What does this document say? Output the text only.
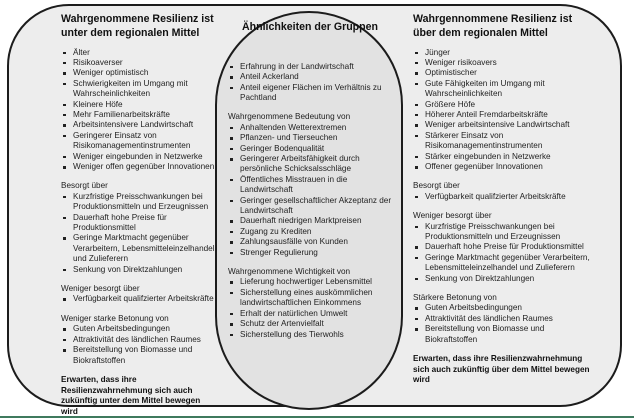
Wahrgenommene Resilienz ist unter dem regionalen Mittel
Älter
Risikoaverser
Weniger optimistisch
Schwierigkeiten im Umgang mit Wahrscheinlichkeiten
Kleinere Höfe
Mehr Familienarbeitskräfte
Arbeitsintensivere Landwirtschaft
Geringerer Einsatz von Risikomanagementinstrumenten
Weniger eingebunden in Netzwerke
Weniger offen gegenüber Innovationen
Besorgt über
Kurzfristige Preisschwankungen bei Produktionsmitteln und Erzeugnissen
Dauerhaft hohe Preise für Produktionsmittel
Geringe Marktmacht gegenüber Verarbeitern, Lebensmitteleinzelhandel und Zulieferern
Senkung von Direktzahlungen
Weniger besorgt über
Verfügbarkeit qualifzierter Arbeitskräfte
Weniger starke Betonung von
Guten Arbeitsbedingungen
Attraktivität des ländlichen Raumes
Bereitstellung von Biomasse und Biokraftstoffen

Erwarten, dass ihre Resilienzwahrnehmung sich auch zukünftig unter dem Mittel bewegen wird

Ähnlichkeiten der Gruppen
Erfahrung in der Landwirtschaft
Anteil Ackerland
Anteil eigener Flächen im Verhältnis zu Pachtland
Wahrgenommene Bedeutung von
Anhaltenden Wetterextremen
Pflanzen- und Tierseuchen
Geringer Bodenqualität
Geringerer Arbeitsfähigkeit durch persönliche Schicksalsschläge
Öffentliches Misstrauen in die Landwirtschaft
Geringer gesellschaftlicher Akzeptanz der Landwirtschaft
Dauerhaft niedrigen Marktpreisen
Zugang zu Krediten
Zahlungsausfälle von Kunden
Strenger Regulierung
Wahrgenommene Wichtigkeit von
Lieferung hochwertiger Lebensmittel
Sicherstellung eines auskömmlichen landwirtschaftlichen Einkommens
Erhalt der natürlichen Umwelt
Schutz der Artenvielfalt
Sicherstellung des Tierwohls
Wahrgennommene Resilienz ist über dem regionalen Mittel
Jünger
Weniger risikoavers
Optimistischer
Gute Fähigkeiten im Umgang mit Wahrscheinlichkeiten
Größere Höfe
Höherer Anteil Fremdarbeitskräfte
Weniger arbeitsintensive Landwirtschaft
Stärkerer Einsatz von Risikomanagementinstrumenten
Stärker eingebunden in Netzwerke
Offener gegenüber Innovationen
Besorgt über
Verfügbarkeit qualifzierter Arbeitskräfte
Weniger besorgt über
Kurzfristige Preisschwankungen bei Produktionsmitteln und Erzeugnissen
Dauerhaft hohe Preise für Produktionsmittel
Geringe Marktmacht gegenüber Verarbeitern, Lebensmitteleinzelhandel und Zulieferern
Senkung von Direktzahlungen
Stärkere Betonung von
Guten Arbeitsbedingungen
Attraktivität des ländlichen Raumes
Bereitstellung von Biomasse und Biokraftstoffen

Erwarten, dass ihre Resilienzwahrnehmung sich auch zukünftig über dem Mittel bewegen wird
